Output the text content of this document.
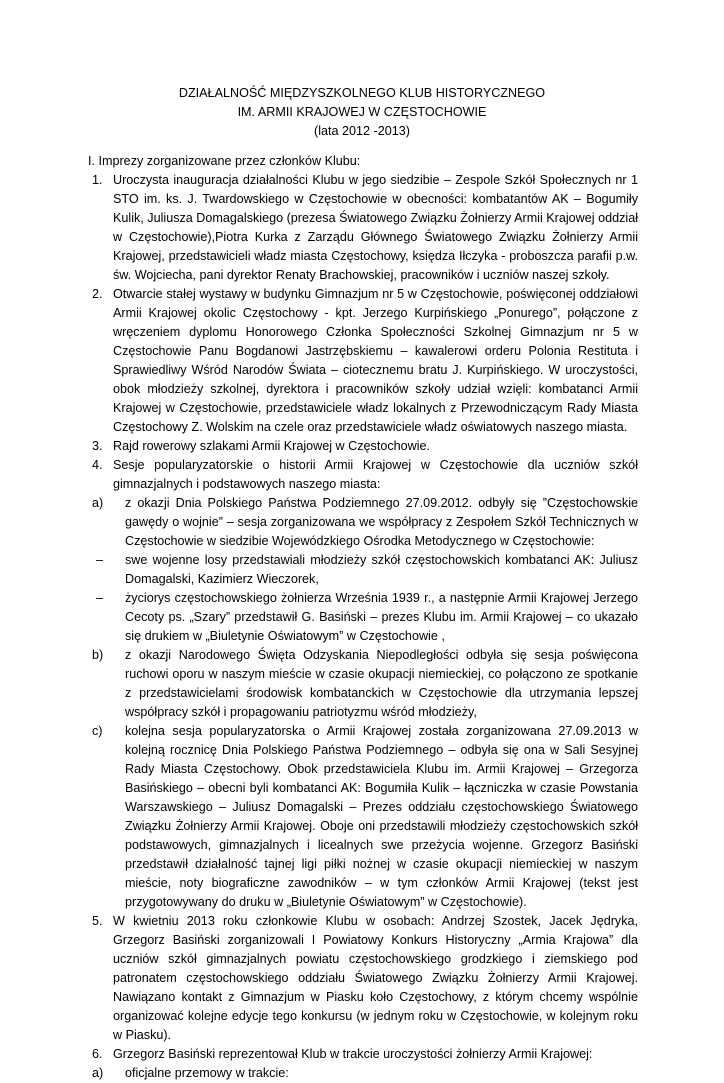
DZIAŁALNOŚĆ MIĘDZYSZKOLNEGO KLUB HISTORYCZNEGO
IM. ARMII KRAJOWEJ W CZĘSTOCHOWIE
(lata 2012 -2013)
I. Imprezy zorganizowane przez członków Klubu:
1. Uroczysta inauguracja działalności Klubu w jego siedzibie – Zespole Szkół Społecznych nr 1 STO im. ks. J. Twardowskiego w Częstochowie w obecności: kombatantów AK – Bogumiły Kulik, Juliusza Domagalskiego (prezesa Światowego Związku Żołnierzy Armii Krajowej oddział w Częstochowie),Piotra Kurka z Zarządu Głównego Światowego Związku Żołnierzy Armii Krajowej, przedstawicieli władz miasta Częstochowy, księdza Iłczyka - proboszcza parafii p.w. św. Wojciecha, pani dyrektor Renaty Brachowskiej, pracowników i uczniów naszej szkoły.
2. Otwarcie stałej wystawy w budynku Gimnazjum nr 5 w Częstochowie, poświęconej oddziałowi Armii Krajowej okolic Częstochowy - kpt. Jerzego Kurpińskiego „Ponurego”, połączone z wręczeniem dyplomu Honorowego Członka Społeczności Szkolnej Gimnazjum nr 5 w Częstochowie Panu Bogdanowi Jastrzębskiemu – kawalerowi orderu Polonia Restituta i Sprawiedliwy Wśród Narodów Świata – ciotecznemu bratu J. Kurpińskiego. W uroczystości, obok młodzieży szkolnej, dyrektora i pracowników szkoły udział wzięli: kombatanci Armii Krajowej w Częstochowie, przedstawiciele władz lokalnych z Przewodniczącym Rady Miasta Częstochowy Z. Wolskim na czele oraz przedstawiciele władz oświatowych naszego miasta.
3. Rajd rowerowy szlakami Armii Krajowej w Częstochowie.
4. Sesje popularyzatorskie o historii Armii Krajowej w Częstochowie dla uczniów szkół gimnazjalnych i podstawowych naszego miasta:
a) z okazji Dnia Polskiego Państwa Podziemnego 27.09.2012. odbyły się ”Częstochowskie gawędy o wojnie” – sesja zorganizowana we współpracy z Zespołem Szkół Technicznych w Częstochowie w siedzibie Wojewódzkiego Ośrodka Metodycznego w Częstochowie:
– swe wojenne losy przedstawiali młodzieży szkół częstochowskich kombatanci AK: Juliusz Domagalski, Kazimierz Wieczorek,
– życiorys częstochowskiego żołnierza Września 1939 r., a następnie Armii Krajowej Jerzego Cecoty ps. „Szary” przedstawił G. Basiński – prezes Klubu im. Armii Krajowej – co ukazało się drukiem w „Biuletynie Oświatowym” w Częstochowie ,
b) z okazji Narodowego Święta Odzyskania Niepodległości odbyła się sesja poświęcona ruchowi oporu w naszym mieście w czasie okupacji niemieckiej, co połączono ze spotkanie z przedstawicielami środowisk kombatanckich w Częstochowie dla utrzymania lepszej współpracy szkół i propagowaniu patriotyzmu wśród młodzieży,
c) kolejna sesja popularyzatorska o Armii Krajowej została zorganizowana 27.09.2013 w kolejną rocznicę Dnia Polskiego Państwa Podziemnego – odbyła się ona w Sali Sesyjnej Rady Miasta Częstochowy. Obok przedstawiciela Klubu im. Armii Krajowej – Grzegorza Basińskiego – obecni byli kombatanci AK: Bogumiła Kulik – łączniczka w czasie Powstania Warszawskiego – Juliusz Domagalski – Prezes oddziału częstochowskiego Światowego Związku Żołnierzy Armii Krajowej. Oboje oni przedstawili młodzieży częstochowskich szkół podstawowych, gimnazjalnych i licealnych swe przeżycia wojenne. Grzegorz Basiński przedstawił działalność tajnej ligi piłki nożnej w czasie okupacji niemieckiej w naszym mieście, noty biograficzne zawodników – w tym członków Armii Krajowej (tekst jest przygotowywany do druku w „Biuletynie Oświatowym” w Częstochowie).
5. W kwietniu 2013 roku członkowie Klubu w osobach: Andrzej Szostek, Jacek Jędryka, Grzegorz Basiński zorganizowali I Powiatowy Konkurs Historyczny „Armia Krajowa” dla uczniów szkół gimnazjalnych powiatu częstochowskiego grodzkiego i ziemskiego pod patronatem częstochowskiego oddziału Światowego Związku Żołnierzy Armii Krajowej. Nawiązano kontakt z Gimnazjum w Piasku koło Częstochowy, z którym chcemy wspólnie organizować kolejne edycje tego konkursu (w jednym roku w Częstochowie, w kolejnym roku w Piasku).
6. Grzegorz Basiński reprezentował Klub w trakcie uroczystości żołnierzy Armii Krajowej:
a) oficjalne przemowy w trakcie:
